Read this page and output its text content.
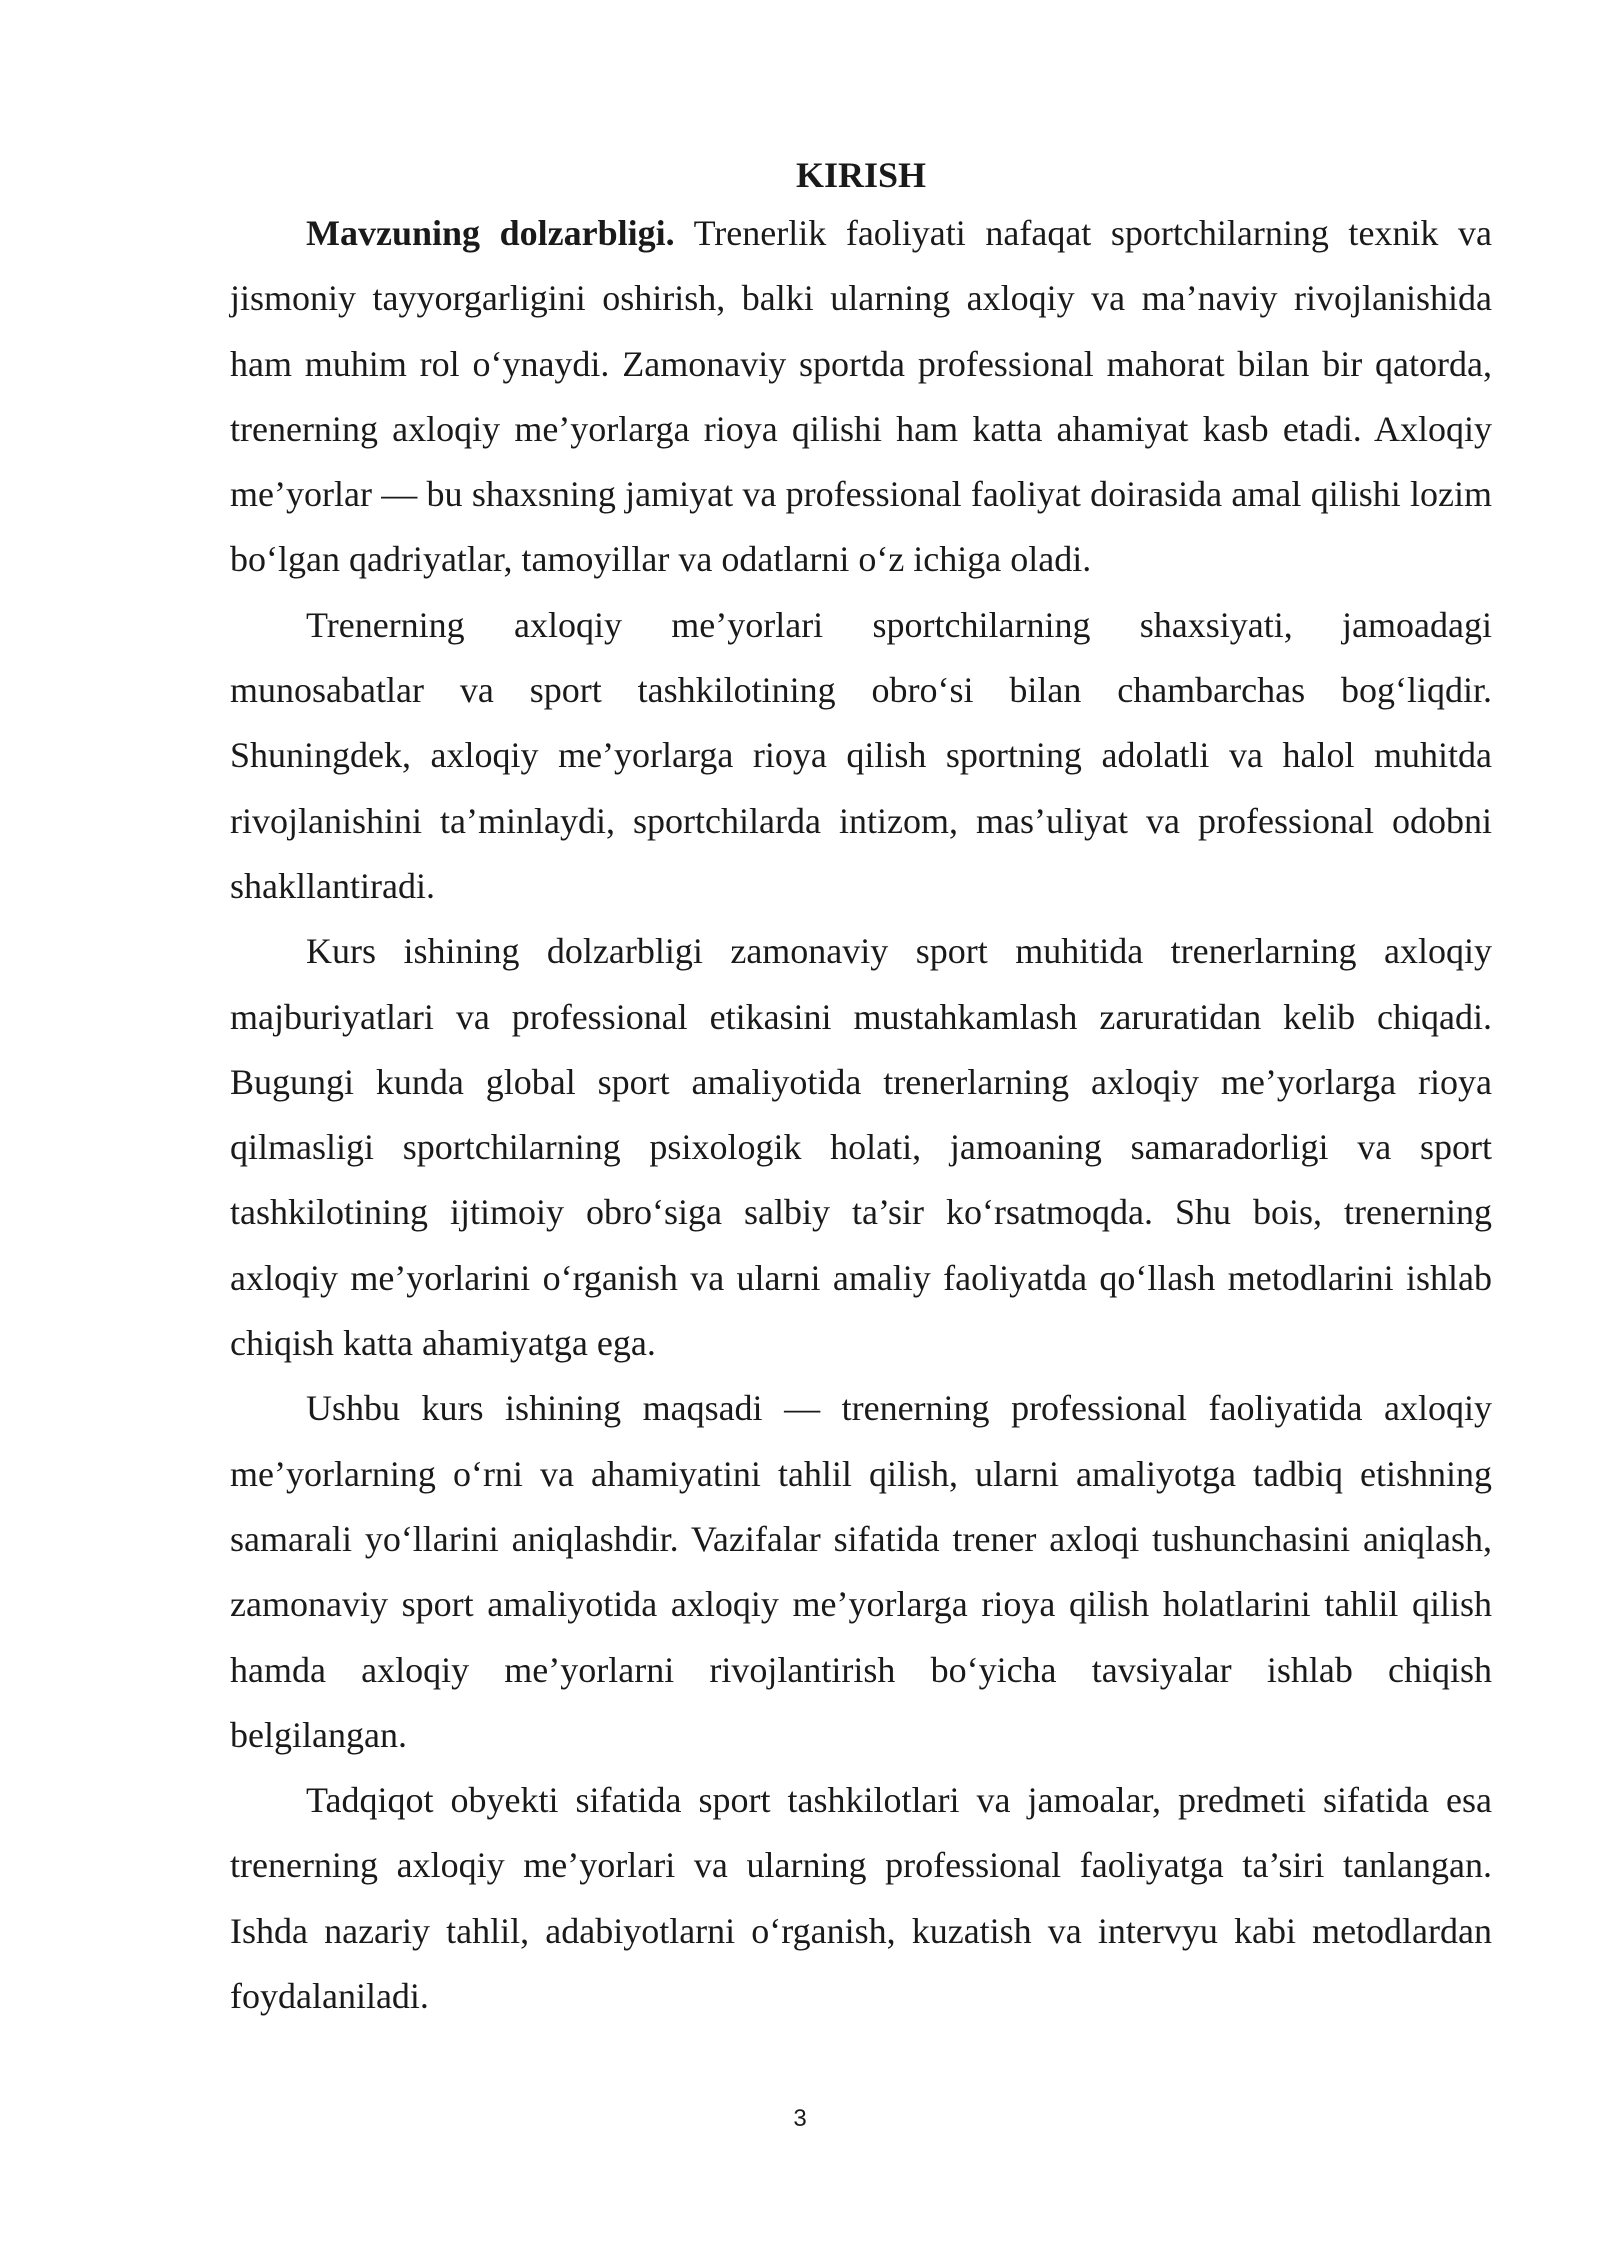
KIRISH

Mavzuning dolzarbligi. Trenerlik faoliyati nafaqat sportchilarning texnik va jismoniy tayyorgarligini oshirish, balki ularning axloqiy va ma’naviy rivojlanishida ham muhim rol o‘ynaydi. Zamonaviy sportda professional mahorat bilan bir qatorda, trenerning axloqiy me’yorlarga rioya qilishi ham katta ahamiyat kasb etadi. Axloqiy me’yorlar — bu shaxsning jamiyat va professional faoliyat doirasida amal qilishi lozim bo‘lgan qadriyatlar, tamoyillar va odatlarni o‘z ichiga oladi.

Trenerning axloqiy me’yorlari sportchilarning shaxsiyati, jamoadagi munosabatlar va sport tashkilotining obro‘si bilan chambarchas bog‘liqdir. Shuningdek, axloqiy me’yorlarga rioya qilish sportning adolatli va halol muhitda rivojlanishini ta’minlaydi, sportchilarda intizom, mas’uliyat va professional odobni shakllantiradi.

Kurs ishining dolzarbligi zamonaviy sport muhitida trenerlarning axloqiy majburiyatlari va professional etikasini mustahkamlash zaruratidan kelib chiqadi. Bugungi kunda global sport amaliyotida trenerlarning axloqiy me’yorlarga rioya qilmasligi sportchilarning psixologik holati, jamoaning samaradorligi va sport tashkilotining ijtimoiy obro‘siga salbiy ta’sir ko‘rsatmoqda. Shu bois, trenerning axloqiy me’yorlarini o‘rganish va ularni amaliy faoliyatda qo‘llash metodlarini ishlab chiqish katta ahamiyatga ega.

Ushbu kurs ishining maqsadi — trenerning professional faoliyatida axloqiy me’yorlarning o‘rni va ahamiyatini tahlil qilish, ularni amaliyotga tadbiq etishning samarali yo‘llarini aniqlashdir. Vazifalar sifatida trener axloqi tushunchasini aniqlash, zamonaviy sport amaliyotida axloqiy me’yorlarga rioya qilish holatlarini tahlil qilish hamda axloqiy me’yorlarni rivojlantirish bo‘yicha tavsiyalar ishlab chiqish belgilangan.

Tadqiqot obyekti sifatida sport tashkilotlari va jamoalar, predmeti sifatida esa trenerning axloqiy me’yorlari va ularning professional faoliyatga ta’siri tanlangan. Ishda nazariy tahlil, adabiyotlarni o‘rganish, kuzatish va intervyu kabi metodlardan foydalaniladi.

3
